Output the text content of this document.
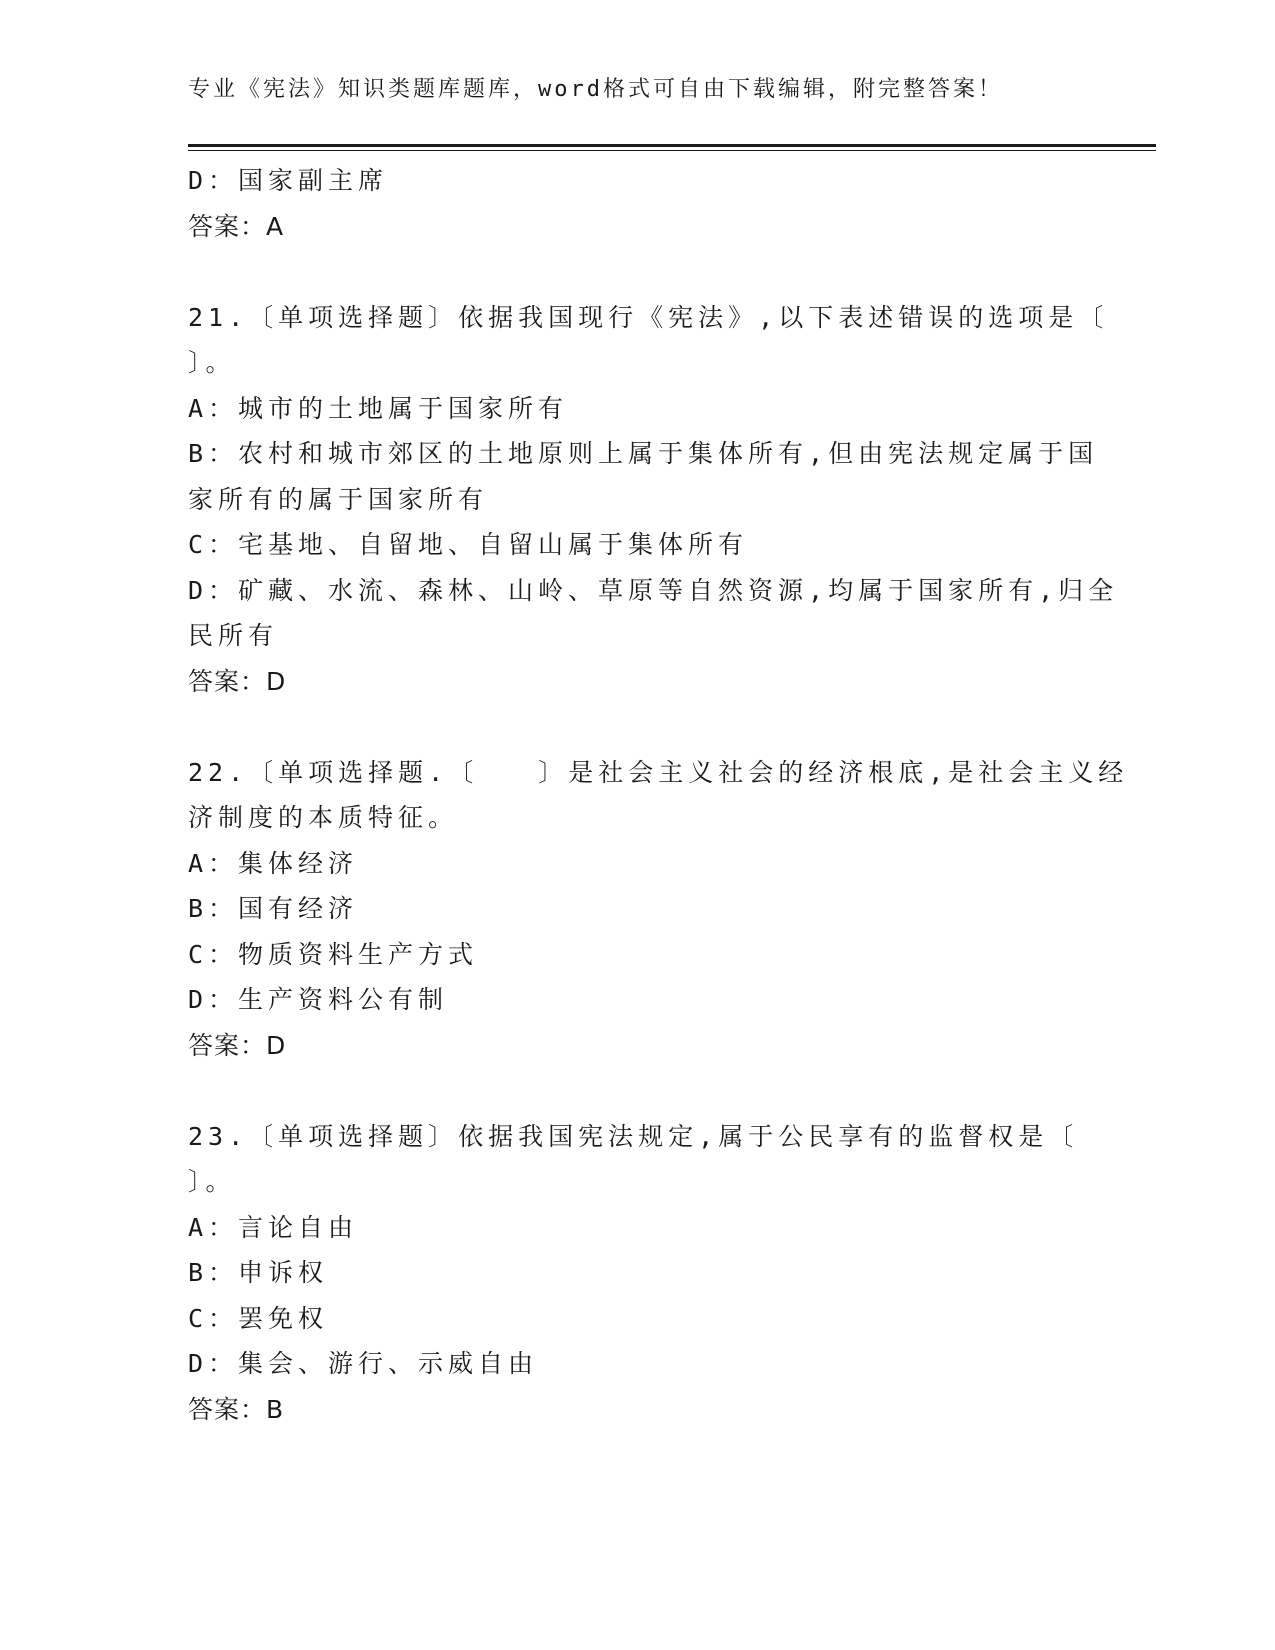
专业《宪法》知识类题库题库，word格式可自由下载编辑，附完整答案！
D：国家副主席
答案：A
21.〔单项选择题〕依据我国现行《宪法》,以下表述错误的选项是〔
〕。
A：城市的土地属于国家所有
B：农村和城市郊区的土地原则上属于集体所有,但由宪法规定属于国
家所有的属于国家所有
C：宅基地、自留地、自留山属于集体所有
D：矿藏、水流、森林、山岭、草原等自然资源,均属于国家所有,归全
民所有
答案：D
22.〔单项选择题.〔　　〕是社会主义社会的经济根底,是社会主义经
济制度的本质特征。
A：集体经济
B：国有经济
C：物质资料生产方式
D：生产资料公有制
答案：D
23.〔单项选择题〕依据我国宪法规定,属于公民享有的监督权是〔
〕。
A：言论自由
B：申诉权
C：罢免权
D：集会、游行、示威自由
答案：B
